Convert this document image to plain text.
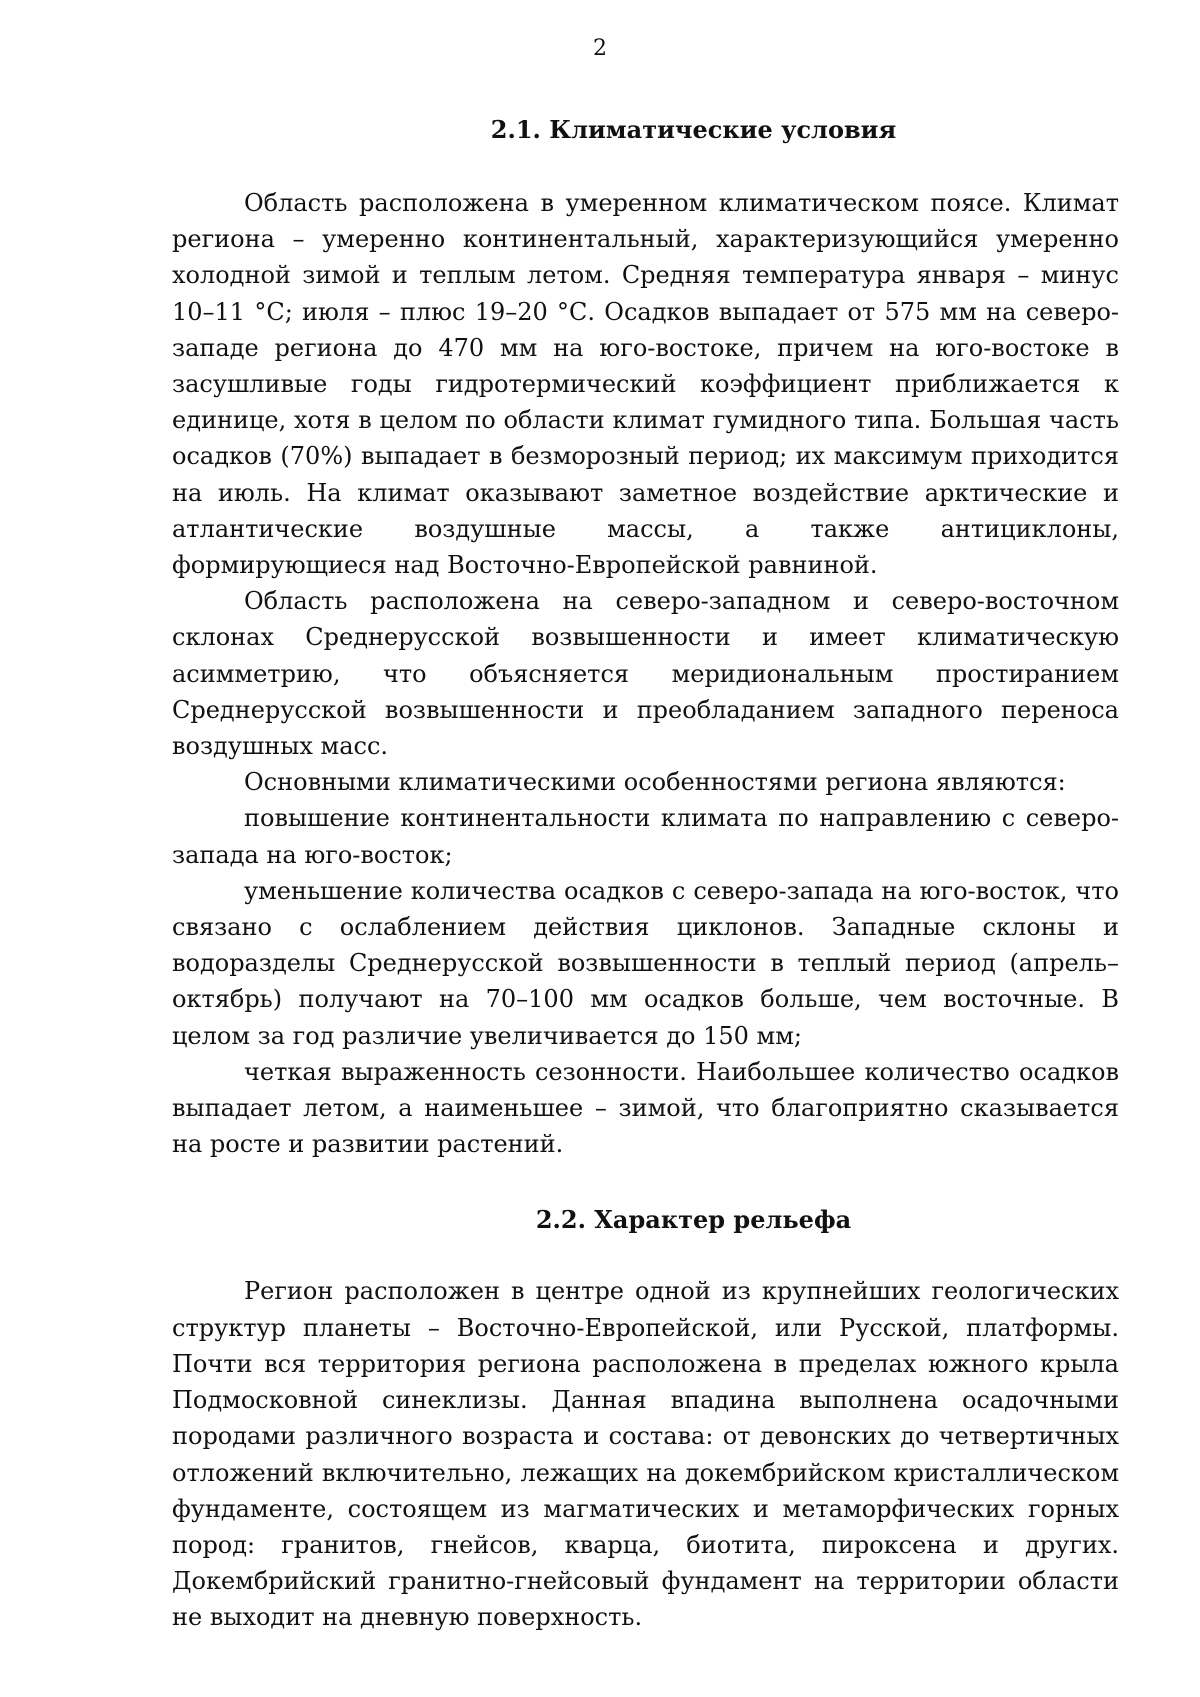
2
2.1. Климатические условия

Область расположена в умеренном климатическом поясе. Климат региона – умеренно континентальный, характеризующийся умеренно холодной зимой и теплым летом. Средняя температура января – минус 10–11 °С; июля – плюс 19–20 °С. Осадков выпадает от 575 мм на северо-западе региона до 470 мм на юго-востоке, причем на юго-востоке в засушливые годы гидротермический коэффициент приближается к единице, хотя в целом по области климат гумидного типа. Большая часть осадков (70%) выпадает в безморозный период; их максимум приходится на июль. На климат оказывают заметное воздействие арктические и атлантические воздушные массы, а также антициклоны, формирующиеся над Восточно-Европейской равниной.

Область расположена на северо-западном и северо-восточном склонах Среднерусской возвышенности и имеет климатическую асимметрию, что объясняется меридиональным простиранием Среднерусской возвышенности и преобладанием западного переноса воздушных масс.

Основными климатическими особенностями региона являются:

повышение континентальности климата по направлению с северо-запада на юго-восток;

уменьшение количества осадков с северо-запада на юго-восток, что связано с ослаблением действия циклонов. Западные склоны и водоразделы Среднерусской возвышенности в теплый период (апрель–октябрь) получают на 70–100 мм осадков больше, чем восточные. В целом за год различие увеличивается до 150 мм;

четкая выраженность сезонности. Наибольшее количество осадков выпадает летом, а наименьшее – зимой, что благоприятно сказывается на росте и развитии растений.

2.2. Характер рельефа

Регион расположен в центре одной из крупнейших геологических структур планеты – Восточно-Европейской, или Русской, платформы. Почти вся территория региона расположена в пределах южного крыла Подмосковной синеклизы. Данная впадина выполнена осадочными породами различного возраста и состава: от девонских до четвертичных отложений включительно, лежащих на докембрийском кристаллическом фундаменте, состоящем из магматических и метаморфических горных пород: гранитов, гнейсов, кварца, биотита, пироксена и других. Докембрийский гранитно-гнейсовый фундамент на территории области не выходит на дневную поверхность.
